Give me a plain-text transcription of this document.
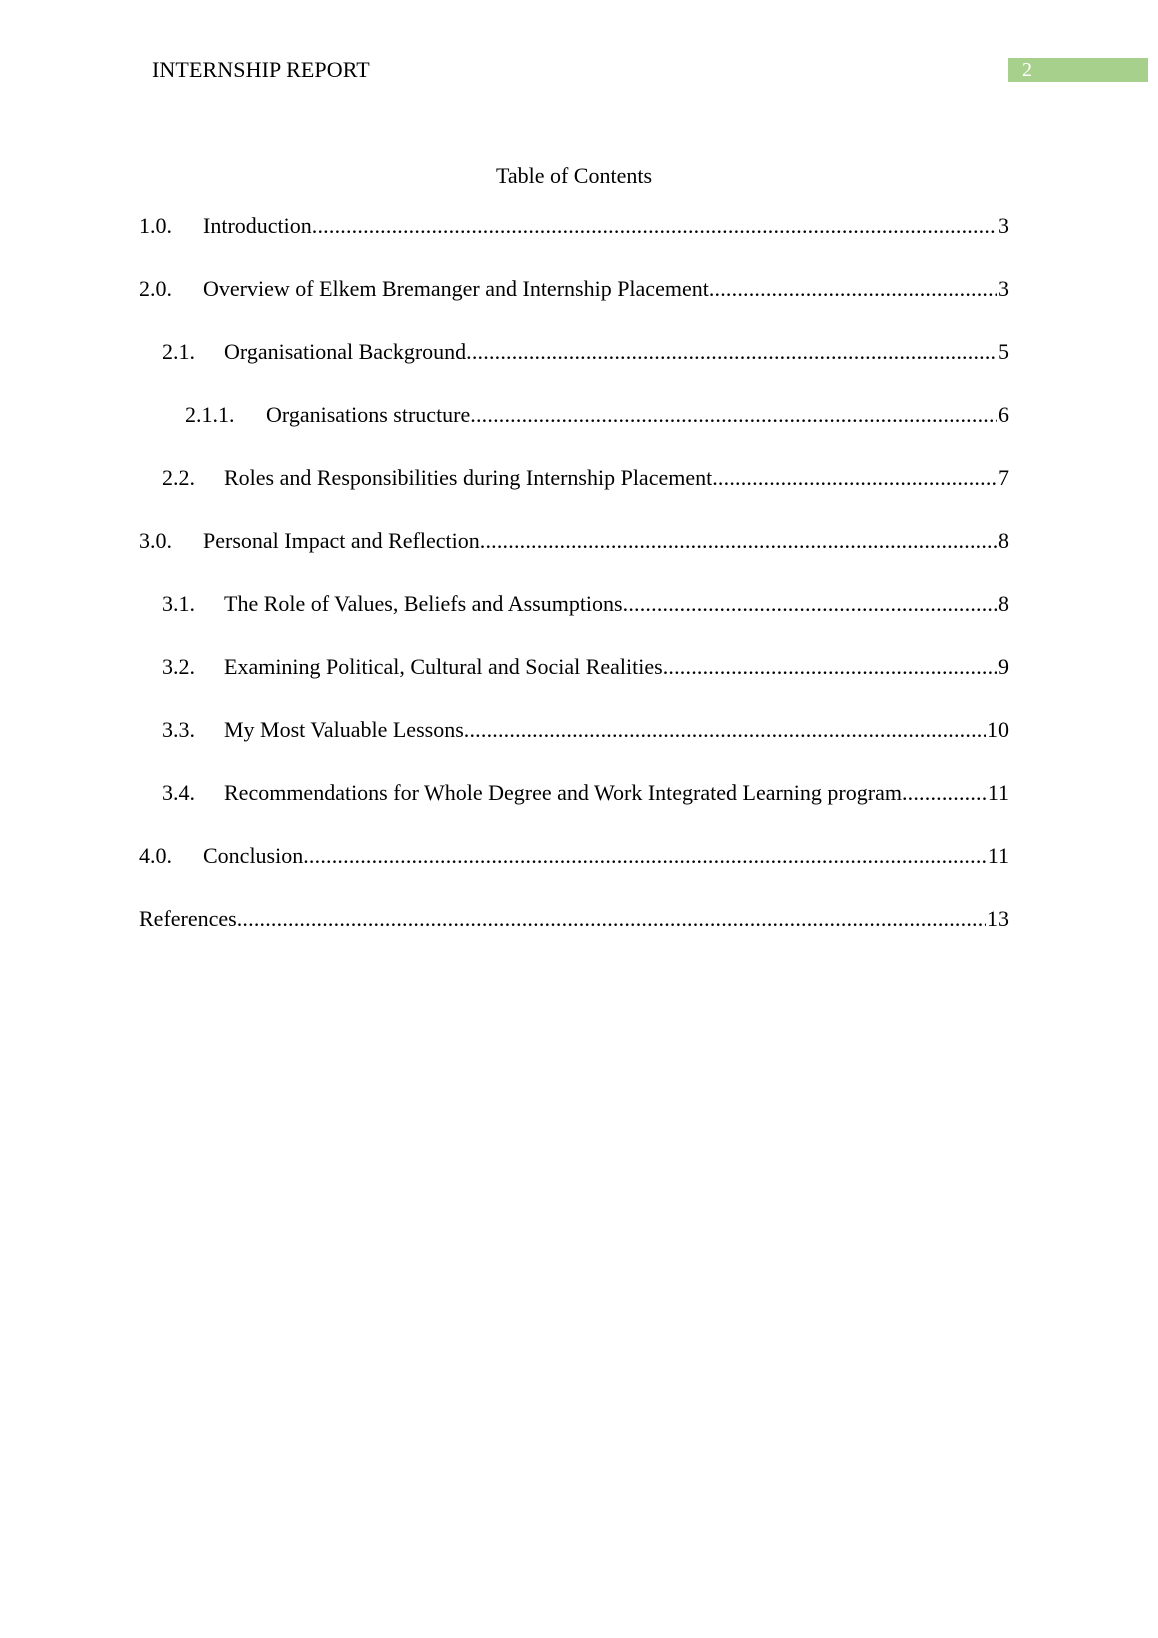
INTERNSHIP REPORT	2
Table of Contents
1.0.	Introduction .....	3
2.0.	Overview of Elkem Bremanger and Internship Placement .....	3
2.1.	Organisational Background .....	5
2.1.1.	Organisations structure .....	6
2.2.	Roles and Responsibilities during Internship Placement .....	7
3.0.	Personal Impact and Reflection .....	8
3.1.	The Role of Values, Beliefs and Assumptions .....	8
3.2.	Examining Political, Cultural and Social Realities .....	9
3.3.	My Most Valuable Lessons .....	10
3.4.	Recommendations for Whole Degree and Work Integrated Learning program .....	11
4.0.	Conclusion .....	11
References .....	13
